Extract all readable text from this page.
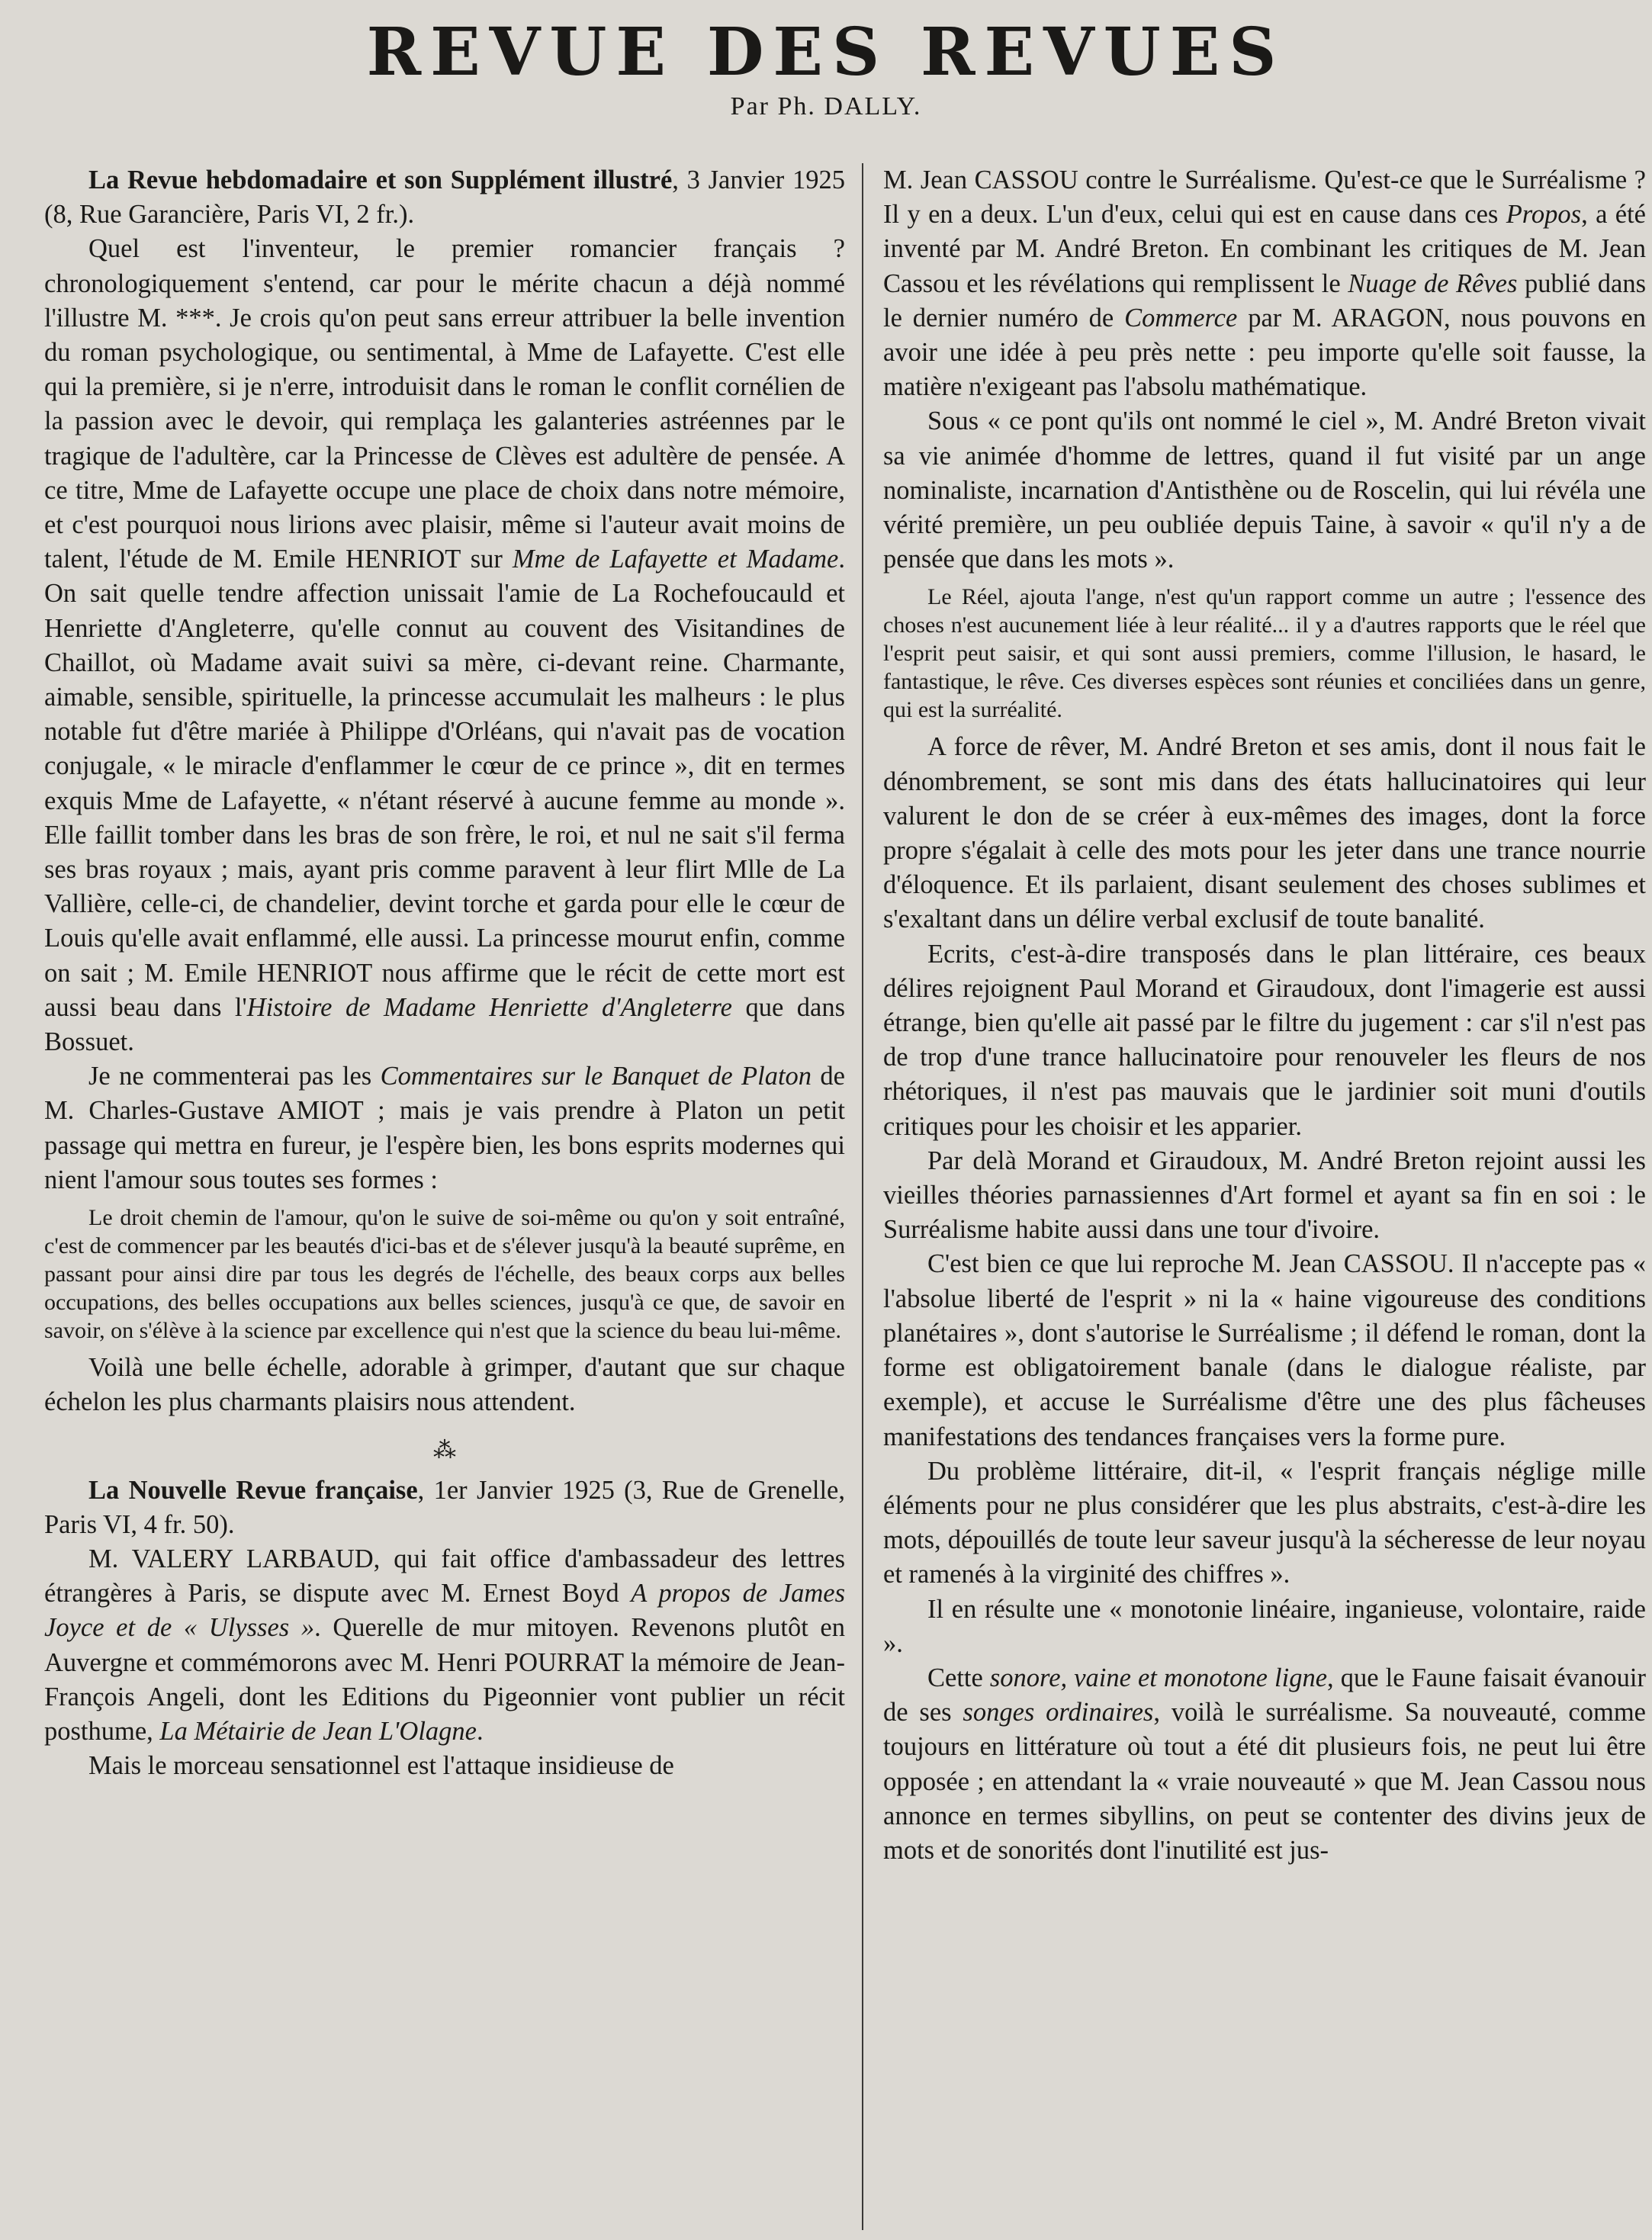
REVUE DES REVUES
Par Ph. DALLY.

La Revue hebdomadaire et son Supplément illustré, 3 Janvier 1925 (8, Rue Garancière, Paris VI, 2 fr.).

Quel est l'inventeur, le premier romancier français ? chronologiquement s'entend, car pour le mérite chacun a déjà nommé l'illustre M. ***. Je crois qu'on peut sans erreur attribuer la belle invention du roman psychologique, ou sentimental, à Mme de Lafayette. C'est elle qui la première, si je n'erre, introduisit dans le roman le conflit cornélien de la passion avec le devoir, qui remplaça les galanteries astréennes par le tragique de l'adultère, car la Princesse de Clèves est adultère de pensée. A ce titre, Mme de Lafayette occupe une place de choix dans notre mémoire, et c'est pourquoi nous lirions avec plaisir, même si l'auteur avait moins de talent, l'étude de M. Emile HENRIOT sur Mme de Lafayette et Madame. On sait quelle tendre affection unissait l'amie de La Rochefoucauld et Henriette d'Angleterre, qu'elle connut au couvent des Visitandines de Chaillot, où Madame avait suivi sa mère, ci-devant reine. Charmante, aimable, sensible, spirituelle, la princesse accumulait les malheurs : le plus notable fut d'être mariée à Philippe d'Orléans, qui n'avait pas de vocation conjugale, « le miracle d'enflammer le cœur de ce prince », dit en termes exquis Mme de Lafayette, « n'étant réservé à aucune femme au monde ». Elle faillit tomber dans les bras de son frère, le roi, et nul ne sait s'il ferma ses bras royaux ; mais, ayant pris comme paravent à leur flirt Mlle de La Vallière, celle-ci, de chandelier, devint torche et garda pour elle le cœur de Louis qu'elle avait enflammé, elle aussi. La princesse mourut enfin, comme on sait ; M. Emile HENRIOT nous affirme que le récit de cette mort est aussi beau dans l'Histoire de Madame Henriette d'Angleterre que dans Bossuet.

Je ne commenterai pas les Commentaires sur le Banquet de Platon de M. Charles-Gustave AMIOT ; mais je vais prendre à Platon un petit passage qui mettra en fureur, je l'espère bien, les bons esprits modernes qui nient l'amour sous toutes ses formes :

Le droit chemin de l'amour, qu'on le suive de soi-même ou qu'on y soit entraîné, c'est de commencer par les beautés d'ici-bas et de s'élever jusqu'à la beauté suprême, en passant pour ainsi dire par tous les degrés de l'échelle, des beaux corps aux belles occupations, des belles occupations aux belles sciences, jusqu'à ce que, de savoir en savoir, on s'élève à la science par excellence qui n'est que la science du beau lui-même.

Voilà une belle échelle, adorable à grimper, d'autant que sur chaque échelon les plus charmants plaisirs nous attendent.

⁂

La Nouvelle Revue française, 1er Janvier 1925 (3, Rue de Grenelle, Paris VI, 4 fr. 50).

M. VALERY LARBAUD, qui fait office d'ambassadeur des lettres étrangères à Paris, se dispute avec M. Ernest Boyd A propos de James Joyce et de « Ulysses ». Querelle de mur mitoyen. Revenons plutôt en Auvergne et commémorons avec M. Henri POURRAT la mémoire de Jean-François Angeli, dont les Editions du Pigeonnier vont publier un récit posthume, La Métairie de Jean L'Olagne.

Mais le morceau sensationnel est l'attaque insidieuse de

M. Jean CASSOU contre le Surréalisme. Qu'est-ce que le Surréalisme ? Il y en a deux. L'un d'eux, celui qui est en cause dans ces Propos, a été inventé par M. André Breton. En combinant les critiques de M. Jean Cassou et les révélations qui remplissent le Nuage de Rêves publié dans le dernier numéro de Commerce par M. ARAGON, nous pouvons en avoir une idée à peu près nette : peu importe qu'elle soit fausse, la matière n'exigeant pas l'absolu mathématique.

Sous « ce pont qu'ils ont nommé le ciel », M. André Breton vivait sa vie animée d'homme de lettres, quand il fut visité par un ange nominaliste, incarnation d'Antisthène ou de Roscelin, qui lui révéla une vérité première, un peu oubliée depuis Taine, à savoir « qu'il n'y a de pensée que dans les mots ».

Le Réel, ajouta l'ange, n'est qu'un rapport comme un autre ; l'essence des choses n'est aucunement liée à leur réalité... il y a d'autres rapports que le réel que l'esprit peut saisir, et qui sont aussi premiers, comme l'illusion, le hasard, le fantastique, le rêve. Ces diverses espèces sont réunies et conciliées dans un genre, qui est la surréalité.

A force de rêver, M. André Breton et ses amis, dont il nous fait le dénombrement, se sont mis dans des états hallucinatoires qui leur valurent le don de se créer à eux-mêmes des images, dont la force propre s'égalait à celle des mots pour les jeter dans une trance nourrie d'éloquence. Et ils parlaient, disant seulement des choses sublimes et s'exaltant dans un délire verbal exclusif de toute banalité.

Ecrits, c'est-à-dire transposés dans le plan littéraire, ces beaux délires rejoignent Paul Morand et Giraudoux, dont l'imagerie est aussi étrange, bien qu'elle ait passé par le filtre du jugement : car s'il n'est pas de trop d'une trance hallucinatoire pour renouveler les fleurs de nos rhétoriques, il n'est pas mauvais que le jardinier soit muni d'outils critiques pour les choisir et les apparier.

Par delà Morand et Giraudoux, M. André Breton rejoint aussi les vieilles théories parnassiennes d'Art formel et ayant sa fin en soi : le Surréalisme habite aussi dans une tour d'ivoire.

C'est bien ce que lui reproche M. Jean CASSOU. Il n'accepte pas « l'absolue liberté de l'esprit » ni la « haine vigoureuse des conditions planétaires », dont s'autorise le Surréalisme ; il défend le roman, dont la forme est obligatoirement banale (dans le dialogue réaliste, par exemple), et accuse le Surréalisme d'être une des plus fâcheuses manifestations des tendances françaises vers la forme pure.

Du problème littéraire, dit-il, « l'esprit français néglige mille éléments pour ne plus considérer que les plus abstraits, c'est-à-dire les mots, dépouillés de toute leur saveur jusqu'à la sécheresse de leur noyau et ramenés à la virginité des chiffres ».

Il en résulte une « monotonie linéaire, inganieuse, volontaire, raide ».

Cette sonore, vaine et monotone ligne, que le Faune faisait évanouir de ses songes ordinaires, voilà le surréalisme. Sa nouveauté, comme toujours en littérature où tout a été dit plusieurs fois, ne peut lui être opposée ; en attendant la « vraie nouveauté » que M. Jean Cassou nous annonce en termes sibyllins, on peut se contenter des divins jeux de mots et de sonorités dont l'inutilité est jus-
